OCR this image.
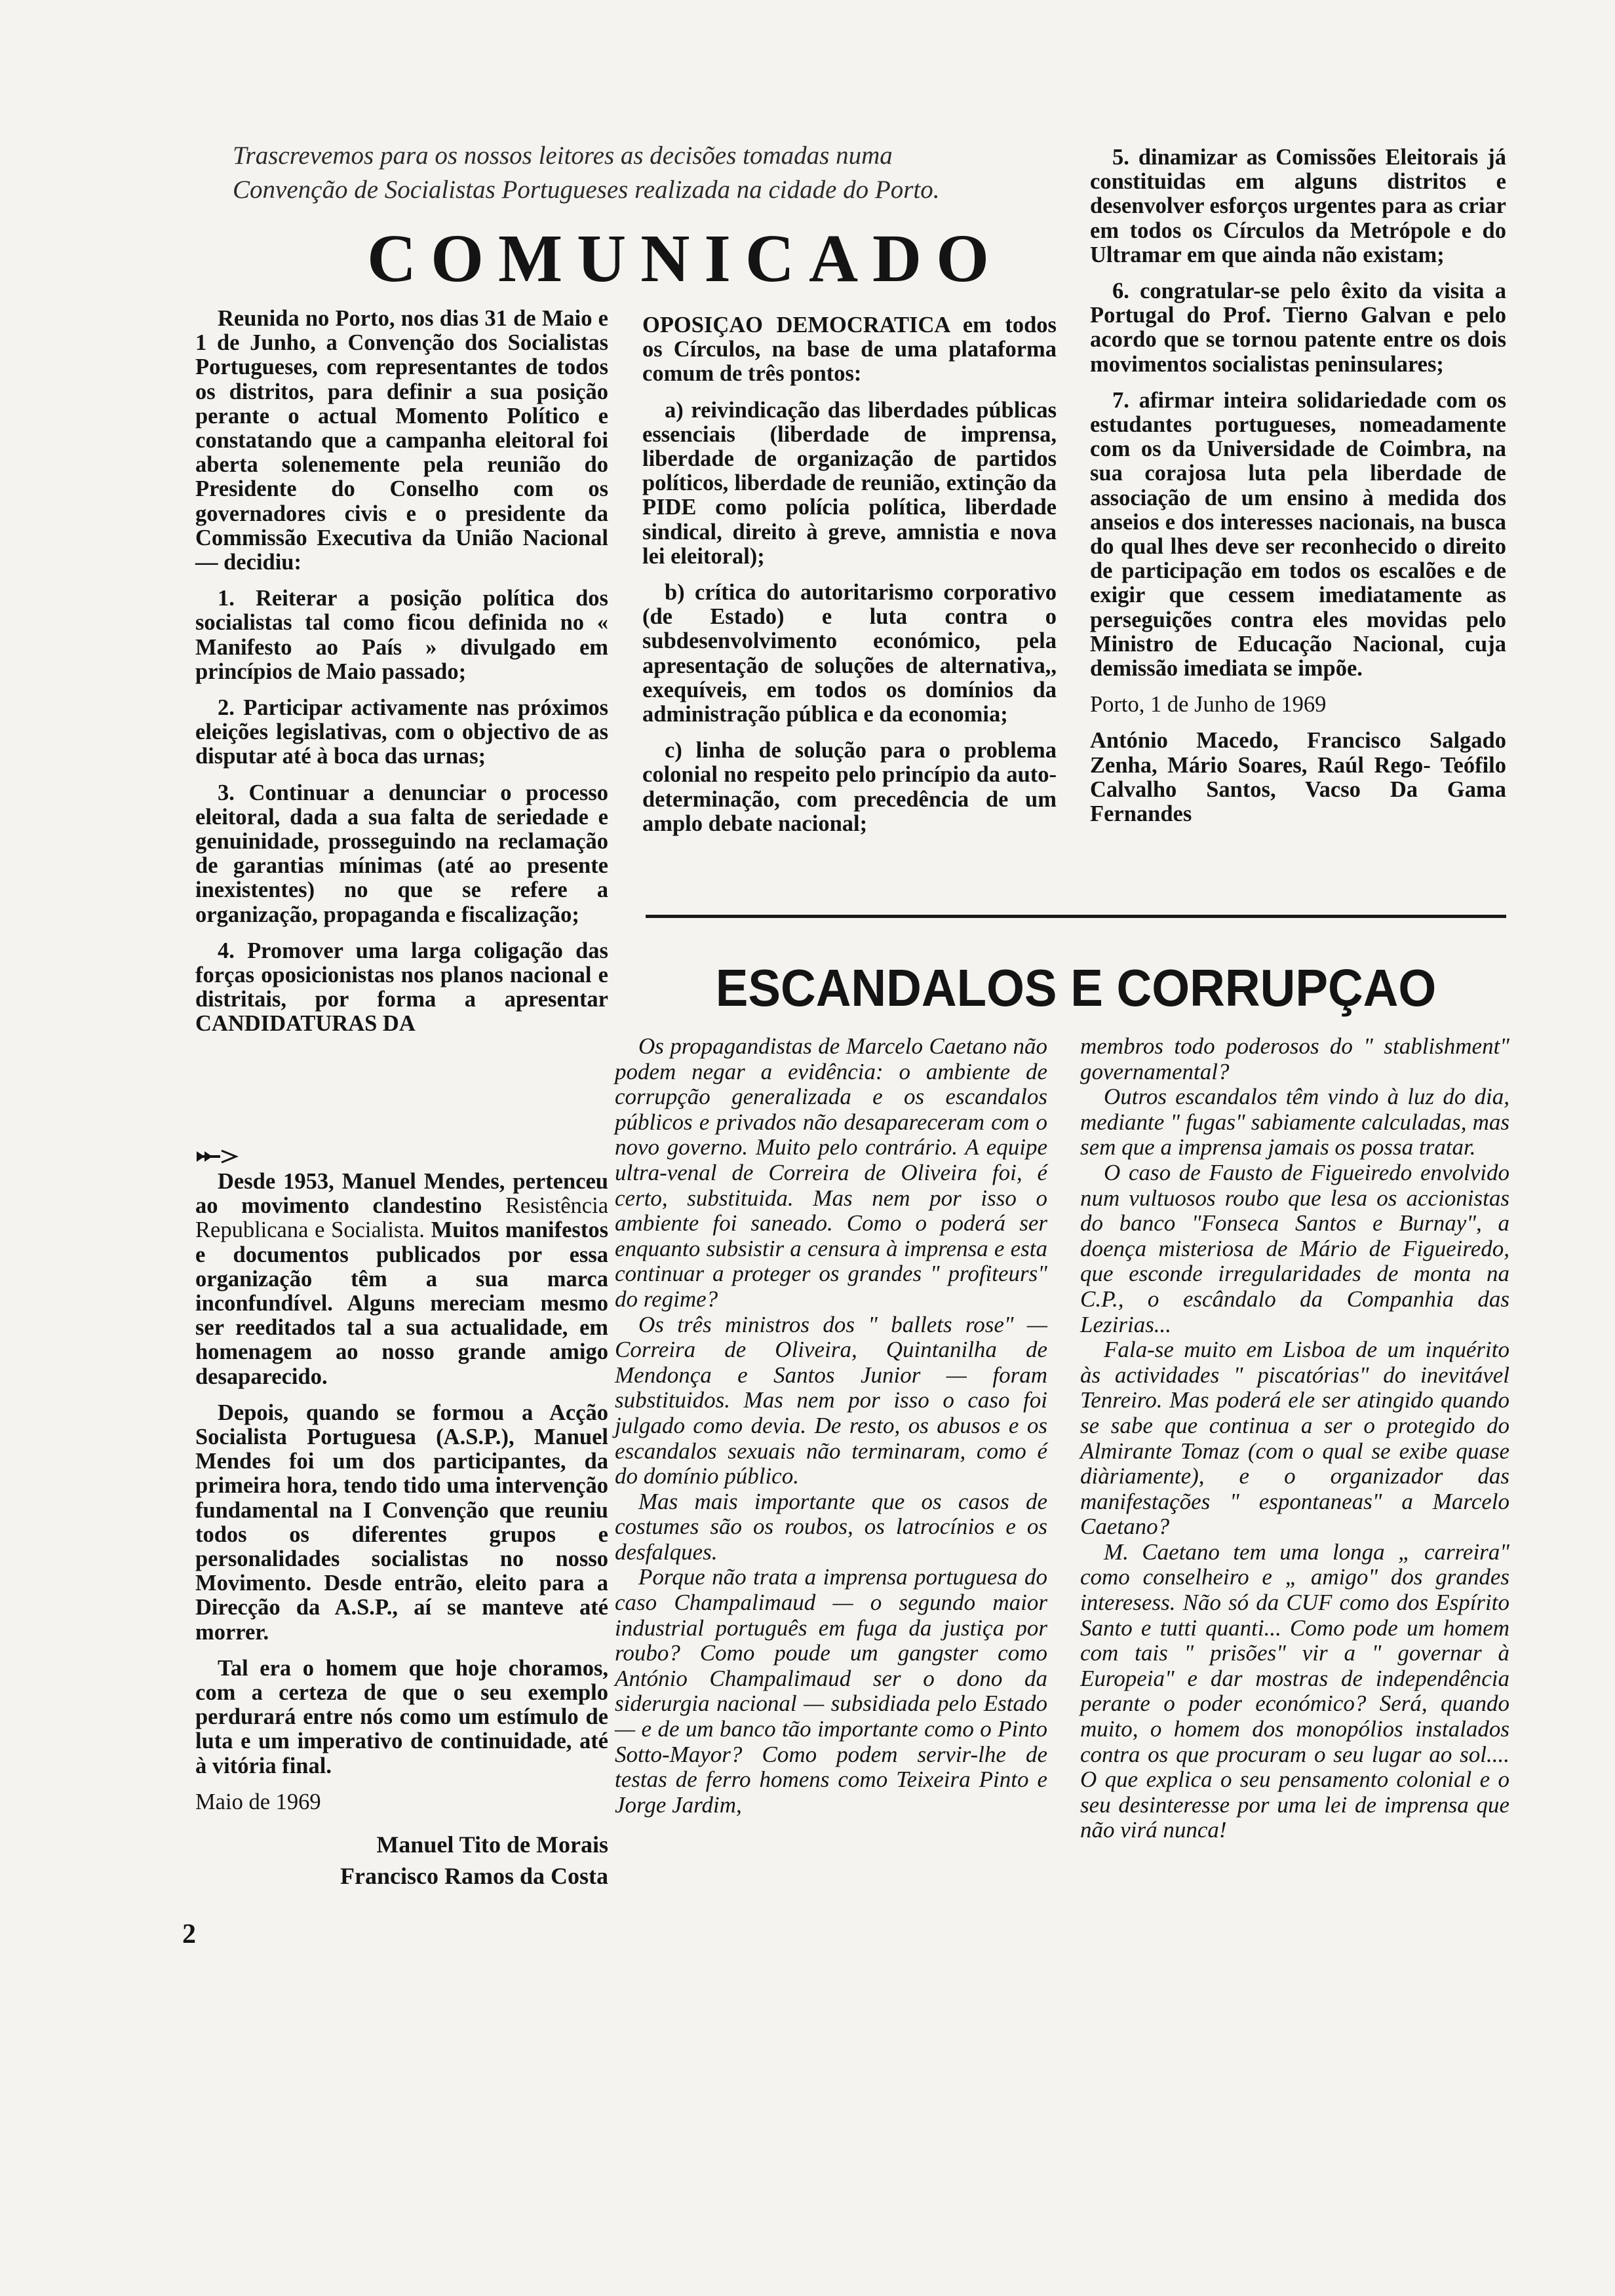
Trascrevemos para os nossos leitores as decisões tomadas numa
Convenção de Socialistas Portugueses realizada na cidade do Porto.
COMUNICADO

Reunida no Porto, nos dias 31 de Maio e 1 de Junho, a Convenção dos Socialistas Portugueses, com representantes de todos os distritos, para definir a sua posição perante o actual Momento Político e constatando que a campanha eleitoral foi aberta solenemente pela reunião do Presidente do Conselho com os governadores civis e o presidente da Commissão Executiva da União Nacional — decidiu:

1. Reiterar a posição política dos socialistas tal como ficou definida no « Manifesto ao País » divulgado em princípios de Maio passado;

2. Participar activamente nas próximos eleições legislativas, com o objectivo de as disputar até à boca das urnas;

3. Continuar a denunciar o processo eleitoral, dada a sua falta de seriedade e genuinidade, prosseguindo na reclamação de garantias mínimas (até ao presente inexistentes) no que se refere a organização, propaganda e fiscalização;

4. Promover uma larga coligação das forças oposicionistas nos planos nacional e distritais, por forma a apresentar CANDIDATURAS DA

OPOSIÇAO DEMOCRATICA em todos os Círculos, na base de uma plataforma comum de três pontos:

a) reivindicação das liberdades públicas essenciais (liberdade de imprensa, liberdade de organização de partidos políticos, liberdade de reunião, extinção da PIDE como polícia política, liberdade sindical, direito à greve, amnistia e nova lei eleitoral);

b) crítica do autoritarismo corporativo (de Estado) e luta contra o subdesenvolvimento económico, pela apresentação de soluções de alternativa,, exequíveis, em todos os domínios da administração pública e da economia;

c) linha de solução para o problema colonial no respeito pelo princípio da auto-determinação, com precedência de um amplo debate nacional;

5. dinamizar as Comissões Eleitorais já constituidas em alguns distritos e desenvolver esforços urgentes para as criar em todos os Círculos da Metrópole e do Ultramar em que ainda não existam;

6. congratular-se pelo êxito da visita a Portugal do Prof. Tierno Galvan e pelo acordo que se tornou patente entre os dois movimentos socialistas peninsulares;

7. afirmar inteira solidariedade com os estudantes portugueses, nomeadamente com os da Universidade de Coimbra, na sua corajosa luta pela liberdade de associação de um ensino à medida dos anseios e dos interesses nacionais, na busca do qual lhes deve ser reconhecido o direito de participação em todos os escalões e de exigir que cessem imediatamente as perseguições contra eles movidas pelo Ministro de Educação Nacional, cuja demissão imediata se impõe.

Porto, 1 de Junho de 1969

António Macedo, Francisco Salgado Zenha, Mário Soares, Raúl Rego- Teófilo Calvalho Santos, Vacso Da Gama Fernandes

ESCANDALOS E CORRUPÇAO

Desde 1953, Manuel Mendes, pertenceu ao movimento clandestino Resistência Republicana e Socialista. Muitos manifestos e documentos publicados por essa organização têm a sua marca inconfundível. Alguns mereciam mesmo ser reeditados tal a sua actualidade, em homenagem ao nosso grande amigo desaparecido.

Depois, quando se formou a Acção Socialista Portuguesa (A.S.P.), Manuel Mendes foi um dos participantes, da primeira hora, tendo tido uma intervenção fundamental na I Convenção que reuniu todos os diferentes grupos e personalidades socialistas no nosso Movimento. Desde entrão, eleito para a Direcção da A.S.P., aí se manteve até morrer.

Tal era o homem que hoje choramos, com a certeza de que o seu exemplo perdurará entre nós como um estímulo de luta e um imperativo de continuidade, até à vitória final.

Maio de 1969

Manuel Tito de Morais
Francisco Ramos da Costa

Os propagandistas de Marcelo Caetano não podem negar a evidência: o ambiente de corrupção generalizada e os escandalos públicos e privados não desapareceram com o novo governo. Muito pelo contrário. A equipe ultra-venal de Correira de Oliveira foi, é certo, substituida. Mas nem por isso o ambiente foi saneado. Como o poderá ser enquanto subsistir a censura à imprensa e esta continuar a proteger os grandes " profiteurs" do regime?

Os três ministros dos " ballets rose" — Correira de Oliveira, Quintanilha de Mendonça e Santos Junior — foram substituidos. Mas nem por isso o caso foi julgado como devia. De resto, os abusos e os escandalos sexuais não terminaram, como é do domínio público.

Mas mais importante que os casos de costumes são os roubos, os latrocínios e os desfalques.

Porque não trata a imprensa portuguesa do caso Champalimaud — o segundo maior industrial português em fuga da justiça por roubo? Como poude um gangster como António Champalimaud ser o dono da siderurgia nacional — subsidiada pelo Estado — e de um banco tão importante como o Pinto Sotto-Mayor? Como podem servir-lhe de testas de ferro homens como Teixeira Pinto e Jorge Jardim,

membros todo poderosos do " stablishment" governamental?

Outros escandalos têm vindo à luz do dia, mediante " fugas" sabiamente calculadas, mas sem que a imprensa jamais os possa tratar.

O caso de Fausto de Figueiredo envolvido num vultuosos roubo que lesa os accionistas do banco "Fonseca Santos e Burnay", a doença misteriosa de Mário de Figueiredo, que esconde irregularidades de monta na C.P., o escândalo da Companhia das Lezirias...

Fala-se muito em Lisboa de um inquérito às actividades " piscatórias" do inevitável Tenreiro. Mas poderá ele ser atingido quando se sabe que continua a ser o protegido do Almirante Tomaz (com o qual se exibe quase diàriamente), e o organizador das manifestações " espontaneas" a Marcelo Caetano?

M. Caetano tem uma longa „ carreira" como conselheiro e „ amigo" dos grandes interesess. Não só da CUF como dos Espírito Santo e tutti quanti... Como pode um homem com tais " prisões" vir a " governar à Europeia" e dar mostras de independência perante o poder económico? Será, quando muito, o homem dos monopólios instalados contra os que procuram o seu lugar ao sol.... O que explica o seu pensamento colonial e o seu desinteresse por uma lei de imprensa que não virá nunca!

2
